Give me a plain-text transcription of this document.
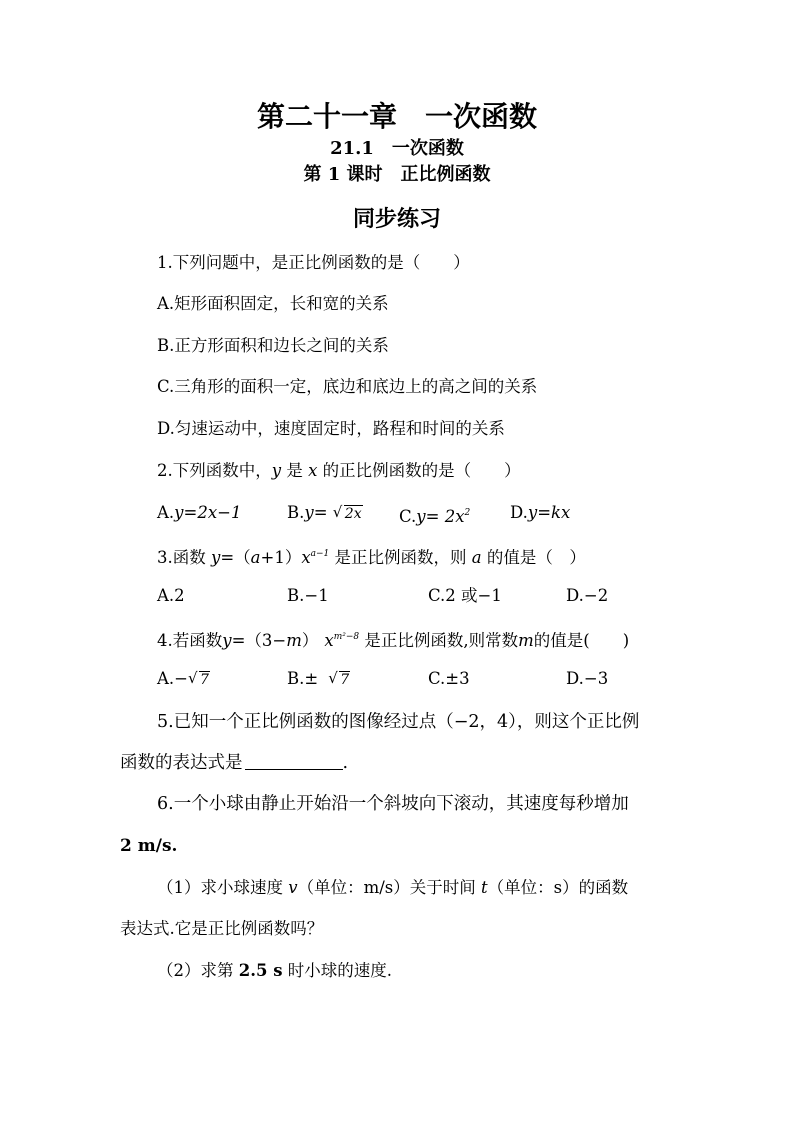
第二十一章　一次函数
21.1　一次函数
第 1 课时　正比例函数
同步练习
1.下列问题中，是正比例函数的是（　　）
A.矩形面积固定，长和宽的关系
B.正方形面积和边长之间的关系
C.三角形的面积一定，底边和底边上的高之间的关系
D.匀速运动中，速度固定时，路程和时间的关系
2.下列函数中，y 是 x 的正比例函数的是（　　）
A.y=2x−1	B.y= √ 2x $C.y= 2x^2$ D.y=kx
3.函数 $y=(a+1)x^{a-1}$ 是正比例函数，则 a 的值是（　）
A.2	B.−1	C.2 或−1	D.−2
4.若函数y=（3−m） $x^{m^2-8}$ 是正比例函数,则常数m的值是(　　)
A.− √ 7	B.± √ 7	C.±3	D.−3
5.已知一个正比例函数的图像经过点（−2，4），则这个正比例
函数的表达式是	.
6.一个小球由静止开始沿一个斜坡向下滚动，其速度每秒增加
2 m/s.
（1）求小球速度 v（单位：m/s）关于时间 t（单位：s）的函数
表达式.它是正比例函数吗？
（2）求第 2.5 s 时小球的速度.
